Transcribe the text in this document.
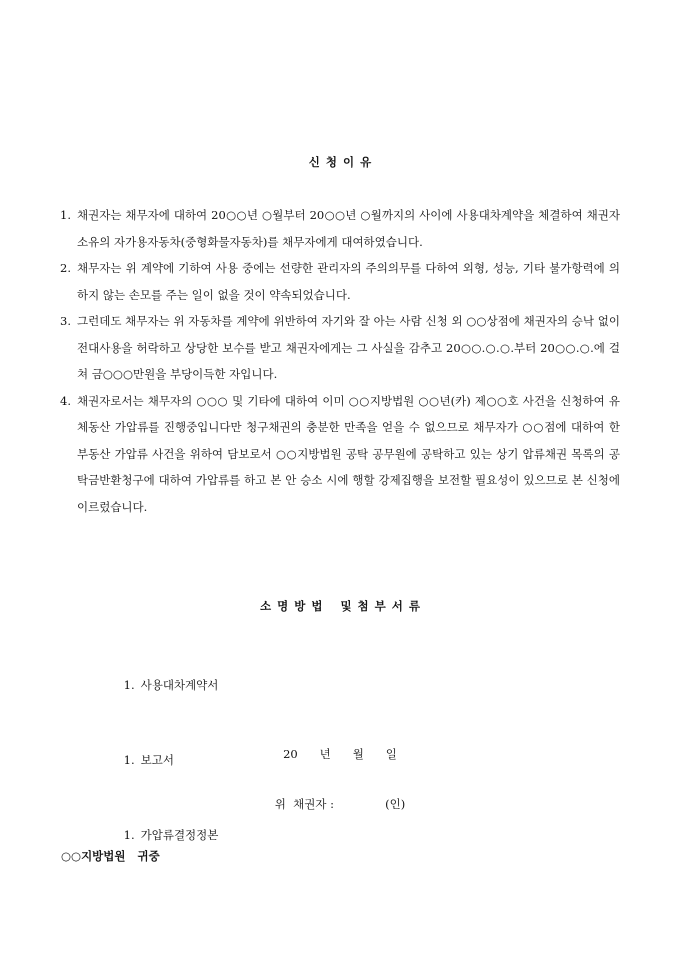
신 청 이 유
1. 채권자는 채무자에 대하여 20○○년 ○월부터 20○○년 ○월까지의 사이에 사용대차계약을 체결하여 채권자소유의 자가용자동차(중형화물자동차)를 채무자에게 대여하였습니다.
2. 채무자는 위 계약에 기하여 사용 중에는 선량한 관리자의 주의의무를 다하여 외형, 성능, 기타 불가항력에 의하지 않는 손모를 주는 일이 없을 것이 약속되었습니다.
3. 그런데도 채무자는 위 자동차를 계약에 위반하여 자기와 잘 아는 사람 신청 외 ○○상점에 채권자의 승낙 없이 전대사용을 허락하고 상당한 보수를 받고 채권자에게는 그 사실을 감추고 20○○.○.○.부터 20○○.○.에 걸쳐 금○○○만원을 부당이득한 자입니다.
4. 채권자로서는 채무자의 ○○○ 및 기타에 대하여 이미 ○○지방법원 ○○년(카) 제○○호 사건을 신청하여 유체동산 가압류를 진행중입니다만 청구채권의 충분한 만족을 얻을 수 없으므로 채무자가 ○○점에 대하여 한 부동산 가압류 사건을 위하여 담보로서 ○○지방법원 공탁 공무원에 공탁하고 있는 상기 압류채권 목록의 공탁금반환청구에 대하여 가압류를 하고 본 안 승소 시에 행할 강제집행을 보전할 필요성이 있으므로 본 신청에 이르렀습니다.
소 명 방 법   및 첨 부 서 류

1. 사용대차계약서

1. 보고서

1. 가압류결정정본

20      년      월      일
위  채권자 :              (인)
○○지방법원   귀중
